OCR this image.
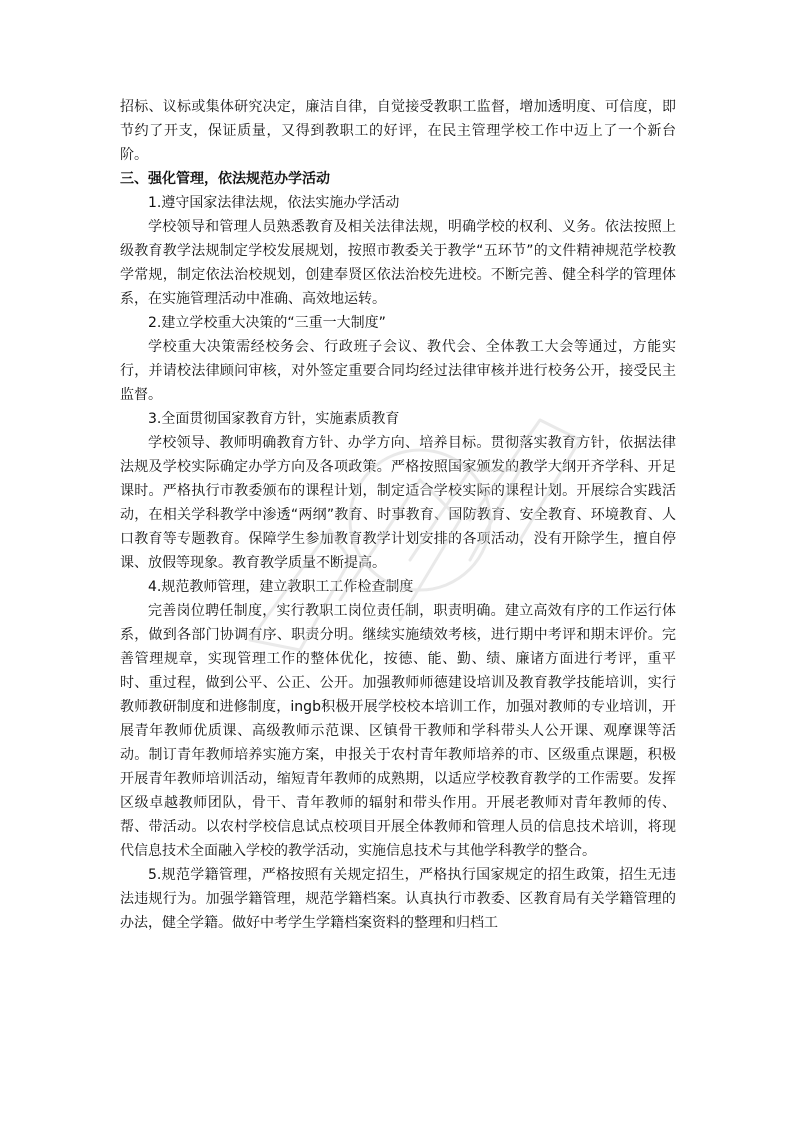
招标、议标或集体研究决定，廉洁自律，自觉接受教职工监督，增加透明度、可信度，即节约了开支，保证质量，又得到教职工的好评，在民主管理学校工作中迈上了一个新台阶。

三、强化管理，依法规范办学活动

1.遵守国家法律法规，依法实施办学活动

学校领导和管理人员熟悉教育及相关法律法规，明确学校的权利、义务。依法按照上级教育教学法规制定学校发展规划，按照市教委关于教学“五环节”的文件精神规范学校教学常规，制定依法治校规划，创建奉贤区依法治校先进校。不断完善、健全科学的管理体系，在实施管理活动中准确、高效地运转。

2.建立学校重大决策的“三重一大制度”

学校重大决策需经校务会、行政班子会议、教代会、全体教工大会等通过，方能实行，并请校法律顾问审核，对外签定重要合同均经过法律审核并进行校务公开，接受民主监督。

3.全面贯彻国家教育方针，实施素质教育

学校领导、教师明确教育方针、办学方向、培养目标。贯彻落实教育方针，依据法律法规及学校实际确定办学方向及各项政策。严格按照国家颁发的教学大纲开齐学科、开足课时。严格执行市教委颁布的课程计划，制定适合学校实际的课程计划。开展综合实践活动，在相关学科教学中渗透“两纲”教育、时事教育、国防教育、安全教育、环境教育、人口教育等专题教育。保障学生参加教育教学计划安排的各项活动，没有开除学生，擅自停课、放假等现象。教育教学质量不断提高。

4.规范教师管理，建立教职工工作检查制度

完善岗位聘任制度，实行教职工岗位责任制，职责明确。建立高效有序的工作运行体系，做到各部门协调有序、职责分明。继续实施绩效考核，进行期中考评和期末评价。完善管理规章，实现管理工作的整体优化，按德、能、勤、绩、廉诸方面进行考评，重平时、重过程，做到公平、公正、公开。加强教师师德建设培训及教育教学技能培训，实行教师教研制度和进修制度，ingb积极开展学校校本培训工作，加强对教师的专业培训，开展青年教师优质课、高级教师示范课、区镇骨干教师和学科带头人公开课、观摩课等活动。制订青年教师培养实施方案，申报关于农村青年教师培养的市、区级重点课题，积极开展青年教师培训活动，缩短青年教师的成熟期，以适应学校教育教学的工作需要。发挥区级卓越教师团队，骨干、青年教师的辐射和带头作用。开展老教师对青年教师的传、帮、带活动。以农村学校信息试点校项目开展全体教师和管理人员的信息技术培训，将现代信息技术全面融入学校的教学活动，实施信息技术与其他学科教学的整合。

5.规范学籍管理，严格按照有关规定招生，严格执行国家规定的招生政策，招生无违法违规行为。加强学籍管理，规范学籍档案。认真执行市教委、区教育局有关学籍管理的办法，健全学籍。做好中考学生学籍档案资料的整理和归档工
